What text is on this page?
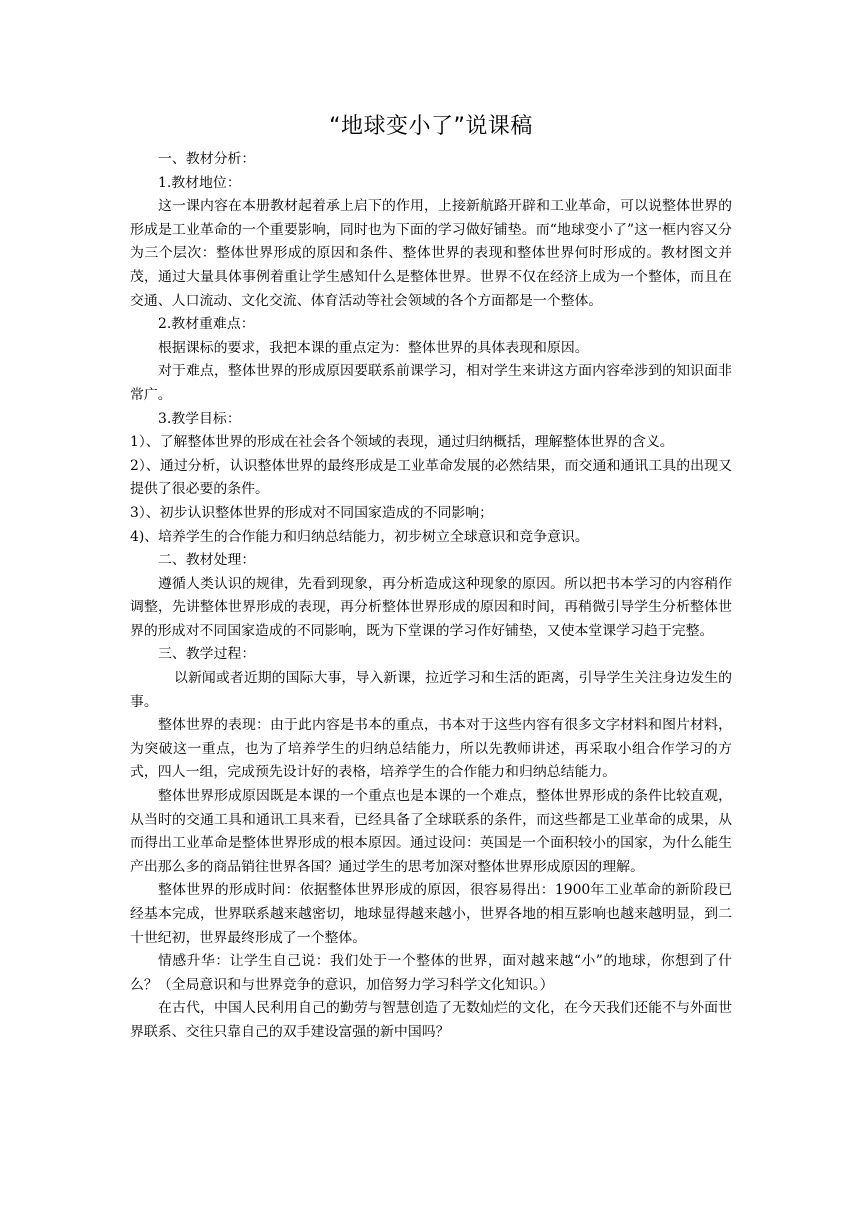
“地球变小了”说课稿

一、教材分析：

1.教材地位：

这一课内容在本册教材起着承上启下的作用，上接新航路开辟和工业革命，可以说整体世界的形成是工业革命的一个重要影响，同时也为下面的学习做好铺垫。而“地球变小了”这一框内容又分为三个层次：整体世界形成的原因和条件、整体世界的表现和整体世界何时形成的。教材图文并茂，通过大量具体事例着重让学生感知什么是整体世界。世界不仅在经济上成为一个整体，而且在交通、人口流动、文化交流、体育活动等社会领域的各个方面都是一个整体。

2.教材重难点：

根据课标的要求，我把本课的重点定为：整体世界的具体表现和原因。

对于难点，整体世界的形成原因要联系前课学习，相对学生来讲这方面内容牵涉到的知识面非常广。

3.教学目标：

1）、了解整体世界的形成在社会各个领域的表现，通过归纳概括，理解整体世界的含义。

2）、通过分析，认识整体世界的最终形成是工业革命发展的必然结果，而交通和通讯工具的出现又提供了很必要的条件。

3）、初步认识整体世界的形成对不同国家造成的不同影响；

4)、培养学生的合作能力和归纳总结能力，初步树立全球意识和竞争意识。

二、教材处理：

遵循人类认识的规律，先看到现象，再分析造成这种现象的原因。所以把书本学习的内容稍作调整，先讲整体世界形成的表现，再分析整体世界形成的原因和时间，再稍微引导学生分析整体世界的形成对不同国家造成的不同影响，既为下堂课的学习作好铺垫，又使本堂课学习趋于完整。

三、教学过程：

以新闻或者近期的国际大事，导入新课，拉近学习和生活的距离，引导学生关注身边发生的事。

整体世界的表现：由于此内容是书本的重点，书本对于这些内容有很多文字材料和图片材料，为突破这一重点，也为了培养学生的归纳总结能力，所以先教师讲述，再采取小组合作学习的方式，四人一组，完成预先设计好的表格，培养学生的合作能力和归纳总结能力。

整体世界形成原因既是本课的一个重点也是本课的一个难点，整体世界形成的条件比较直观，从当时的交通工具和通讯工具来看，已经具备了全球联系的条件，而这些都是工业革命的成果，从而得出工业革命是整体世界形成的根本原因。通过设问：英国是一个面积较小的国家，为什么能生产出那么多的商品销往世界各国？通过学生的思考加深对整体世界形成原因的理解。

整体世界的形成时间：依据整体世界形成的原因，很容易得出：1900年工业革命的新阶段已经基本完成，世界联系越来越密切，地球显得越来越小，世界各地的相互影响也越来越明显，到二十世纪初，世界最终形成了一个整体。

情感升华：让学生自己说：我们处于一个整体的世界，面对越来越“小”的地球，你想到了什么？（全局意识和与世界竞争的意识，加倍努力学习科学文化知识。）

在古代，中国人民利用自己的勤劳与智慧创造了无数灿烂的文化，在今天我们还能不与外面世界联系、交往只靠自己的双手建设富强的新中国吗？
